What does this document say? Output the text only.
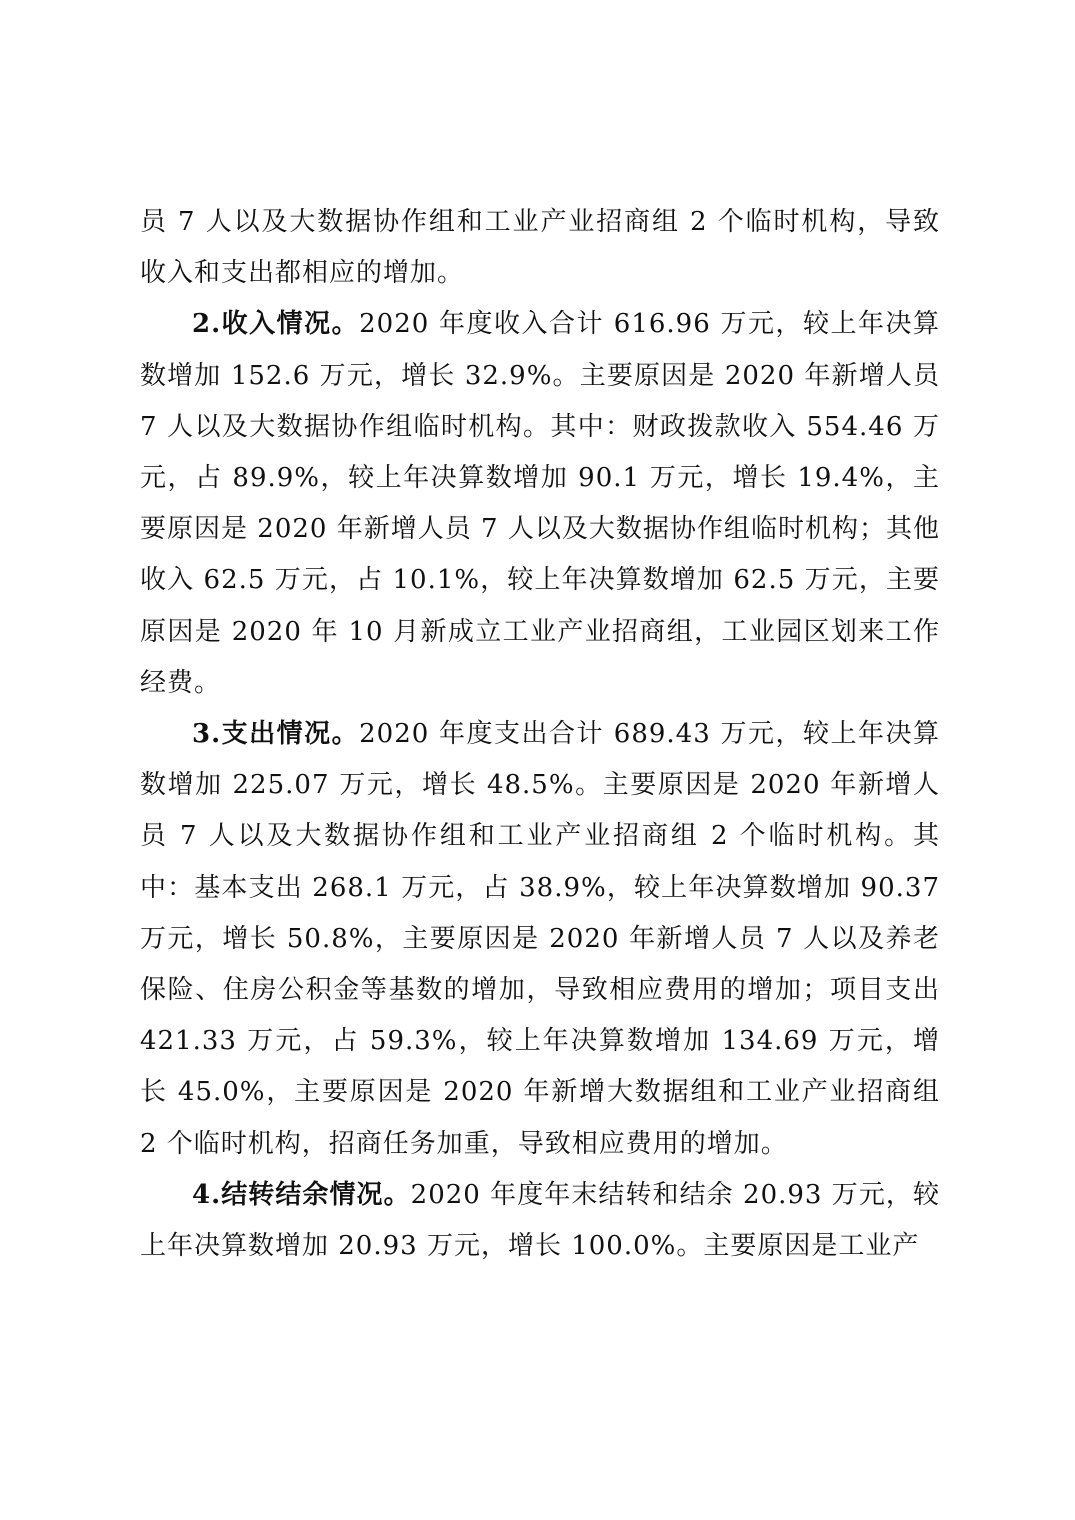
员 7 人以及大数据协作组和工业产业招商组 2 个临时机构，导致收入和支出都相应的增加。

2.收入情况。2020 年度收入合计 616.96 万元，较上年决算数增加 152.6 万元，增长 32.9%。主要原因是 2020 年新增人员 7 人以及大数据协作组临时机构。其中：财政拨款收入 554.46 万元，占 89.9%，较上年决算数增加 90.1 万元，增长 19.4%，主要原因是 2020 年新增人员 7 人以及大数据协作组临时机构；其他收入 62.5 万元，占 10.1%，较上年决算数增加 62.5 万元，主要原因是 2020 年 10 月新成立工业产业招商组，工业园区划来工作经费。

3.支出情况。2020 年度支出合计 689.43 万元，较上年决算数增加 225.07 万元，增长 48.5%。主要原因是 2020 年新增人员 7 人以及大数据协作组和工业产业招商组 2 个临时机构。其中：基本支出 268.1 万元，占 38.9%，较上年决算数增加 90.37 万元，增长 50.8%，主要原因是 2020 年新增人员 7 人以及养老保险、住房公积金等基数的增加，导致相应费用的增加；项目支出 421.33 万元，占 59.3%，较上年决算数增加 134.69 万元，增长 45.0%，主要原因是 2020 年新增大数据组和工业产业招商组 2 个临时机构，招商任务加重，导致相应费用的增加。

4.结转结余情况。2020 年度年末结转和结余 20.93 万元，较上年决算数增加 20.93 万元，增长 100.0%。主要原因是工业产
